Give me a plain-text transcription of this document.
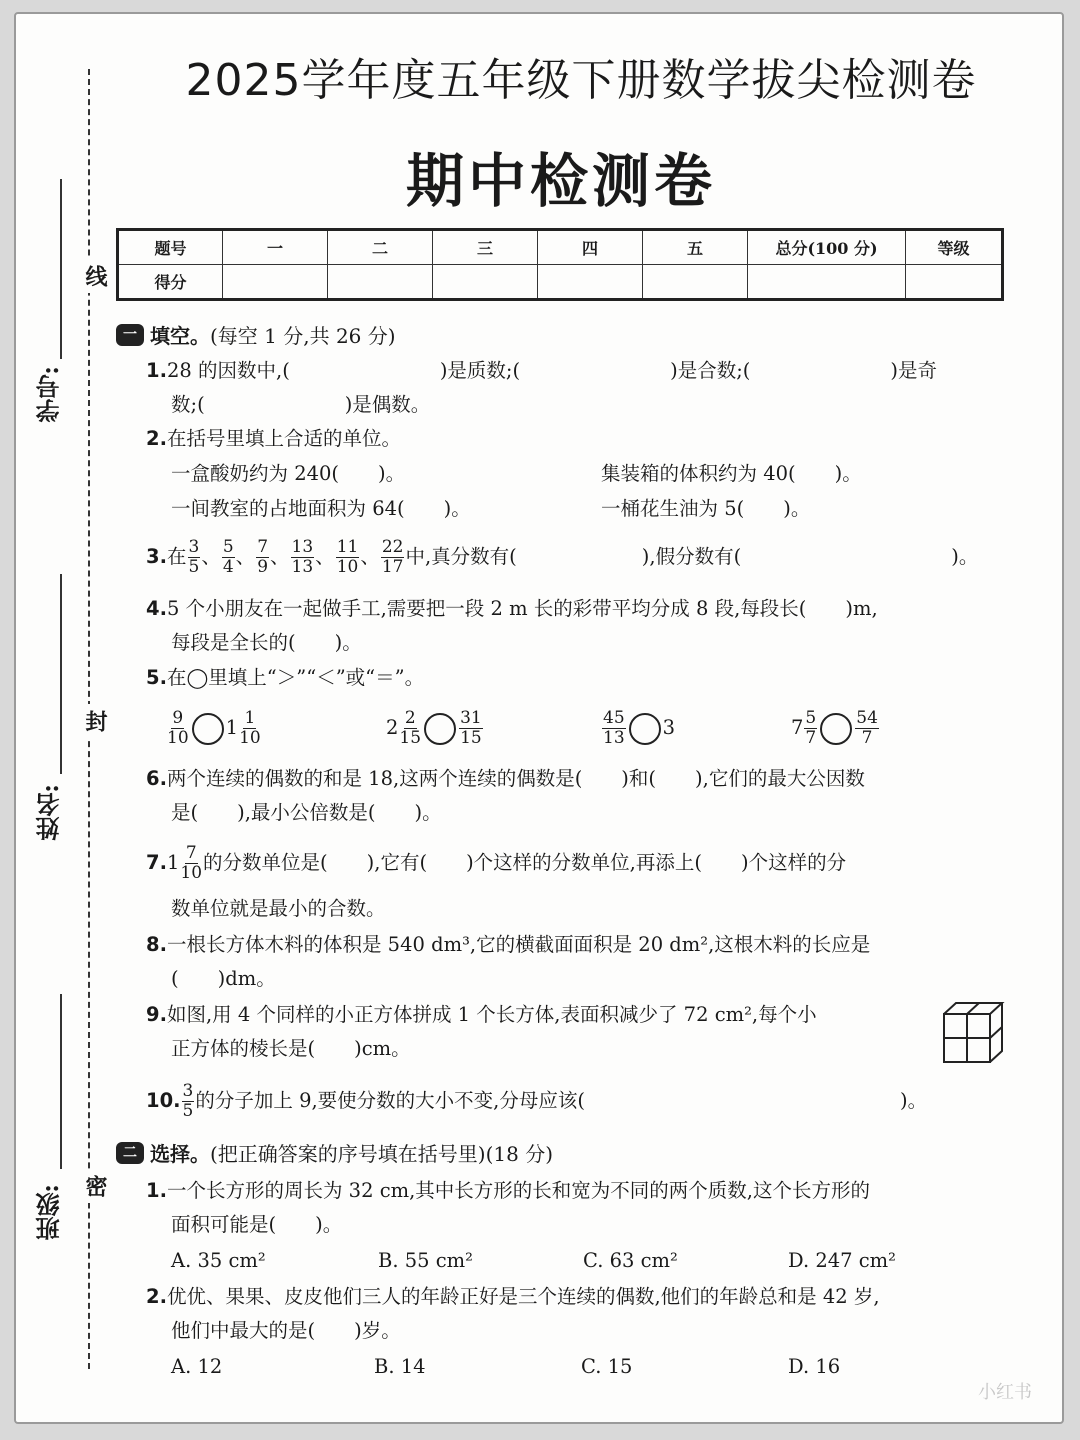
线
封
密
学号:
姓名:
班级:
2025学年度五年级下册数学拔尖检测卷
期中检测卷
题号	一	二	三	四	五	总分(100 分)	等级
得分							
一 填空。 (每空 1 分,共 26 分)
1.28 的因数中,(	)是质数;(	)是合数;(	)是奇
数;(	)是偶数。
2.在括号里填上合适的单位。
一盒酸奶约为 240(　　)。	集装箱的体积约为 40(　　)。
一间教室的占地面积为 64(　　)。	一桶花生油为 5(　　)。
3.在 $\frac{3}{5}$ 、 $\frac{5}{4}$ 、 $\frac{7}{9}$ 、 $\frac{13}{13}$ 、 $\frac{11}{10}$ 、 $\frac{22}{17}$ 中,真分数有(	),假分数有(	)。
4.5 个小朋友在一起做手工,需要把一段 2 m 长的彩带平均分成 8 段,每段长(　　)m,
每段是全长的(　　)。
5.在◯里填上“＞”“＜”或“＝”。
$\frac{9}{10} 1 \frac{1}{10}$	$2 \frac{2}{15} \frac{31}{15}$	$\frac{45}{13} 3$	$7 \frac{5}{7} \frac{54}{7}$
6.两个连续的偶数的和是 18,这两个连续的偶数是(　　)和(　　),它们的最大公因数
是(　　),最小公倍数是(　　)。
$7.1 \frac{7}{10}$ 的分数单位是(　　),它有(　　)个这样的分数单位,再添上(　　)个这样的分
数单位就是最小的合数。
8.一根长方体木料的体积是 540 dm³,它的横截面面积是 20 dm²,这根木料的长应是
(　　)dm。
9.如图,用 4 个同样的小正方体拼成 1 个长方体,表面积减少了 72 cm²,每个小
正方体的棱长是(　　)cm。
10. $\frac{3}{5}$ 的分子加上 9,要使分数的大小不变,分母应该(	)。
二 选择。 (把正确答案的序号填在括号里)(18 分)
1.一个长方形的周长为 32 cm,其中长方形的长和宽为不同的两个质数,这个长方形的
面积可能是(　　)。
A. 35 cm²	B. 55 cm²	C. 63 cm²	D. 247 cm²
2.优优、果果、皮皮他们三人的年龄正好是三个连续的偶数,他们的年龄总和是 42 岁,
他们中最大的是(　　)岁。
A. 12	B. 14	C. 15	D. 16
小红书
